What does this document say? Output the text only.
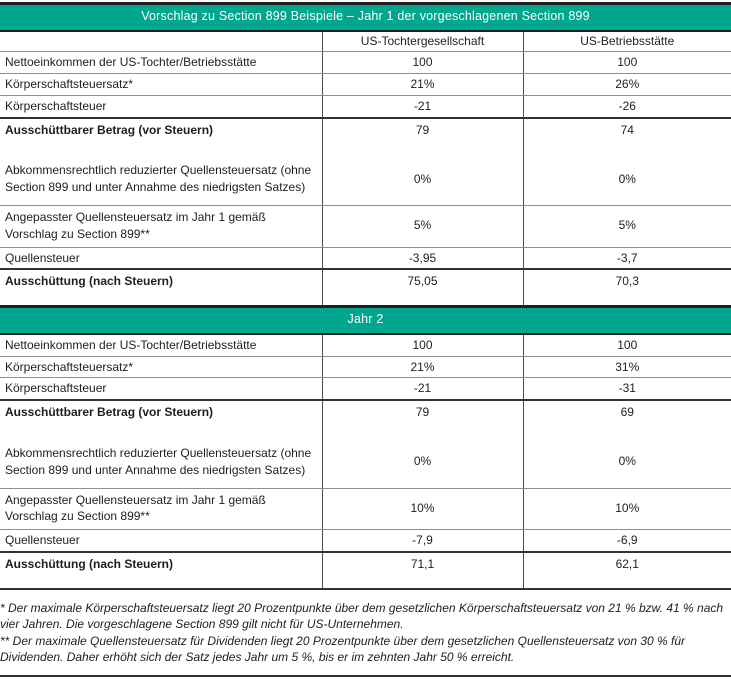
Vorschlag zu Section 899 Beispiele – Jahr 1 der vorgeschlagenen Section 899		
	US-Tochtergesellschaft	US-Betriebsstätte
Nettoeinkommen der US-Tochter/Betriebsstätte	100	100
Körperschaftsteuersatz*	21%	26%
Körperschaftsteuer	-21	-26
Ausschüttbarer Betrag (vor Steuern)	79	74
Abkommensrechtlich reduzierter Quellensteuersatz (ohne Section 899 und unter Annahme des niedrigsten Satzes)	0%	0%
Angepasster Quellensteuersatz im Jahr 1 gemäß Vorschlag zu Section 899**	5%	5%
Quellensteuer	-3,95	-3,7
Ausschüttung (nach Steuern)	75,05	70,3
Jahr 2		
Nettoeinkommen der US-Tochter/Betriebsstätte	100	100
Körperschaftsteuersatz*	21%	31%
Körperschaftsteuer	-21	-31
Ausschüttbarer Betrag (vor Steuern)	79	69
Abkommensrechtlich reduzierter Quellensteuersatz (ohne Section 899 und unter Annahme des niedrigsten Satzes)	0%	0%
Angepasster Quellensteuersatz im Jahr 1 gemäß Vorschlag zu Section 899**	10%	10%
Quellensteuer	-7,9	-6,9
Ausschüttung (nach Steuern)	71,1	62,1

* Der maximale Körperschaftsteuersatz liegt 20 Prozentpunkte über dem gesetzlichen Körperschaftsteuersatz von 21 % bzw. 41 % nach vier Jahren. Die vorgeschlagene Section 899 gilt nicht für US-Unternehmen.

** Der maximale Quellensteuersatz für Dividenden liegt 20 Prozentpunkte über dem gesetzlichen Quellensteuersatz von 30 % für Dividenden. Daher erhöht sich der Satz jedes Jahr um 5 %, bis er im zehnten Jahr 50 % erreicht.
